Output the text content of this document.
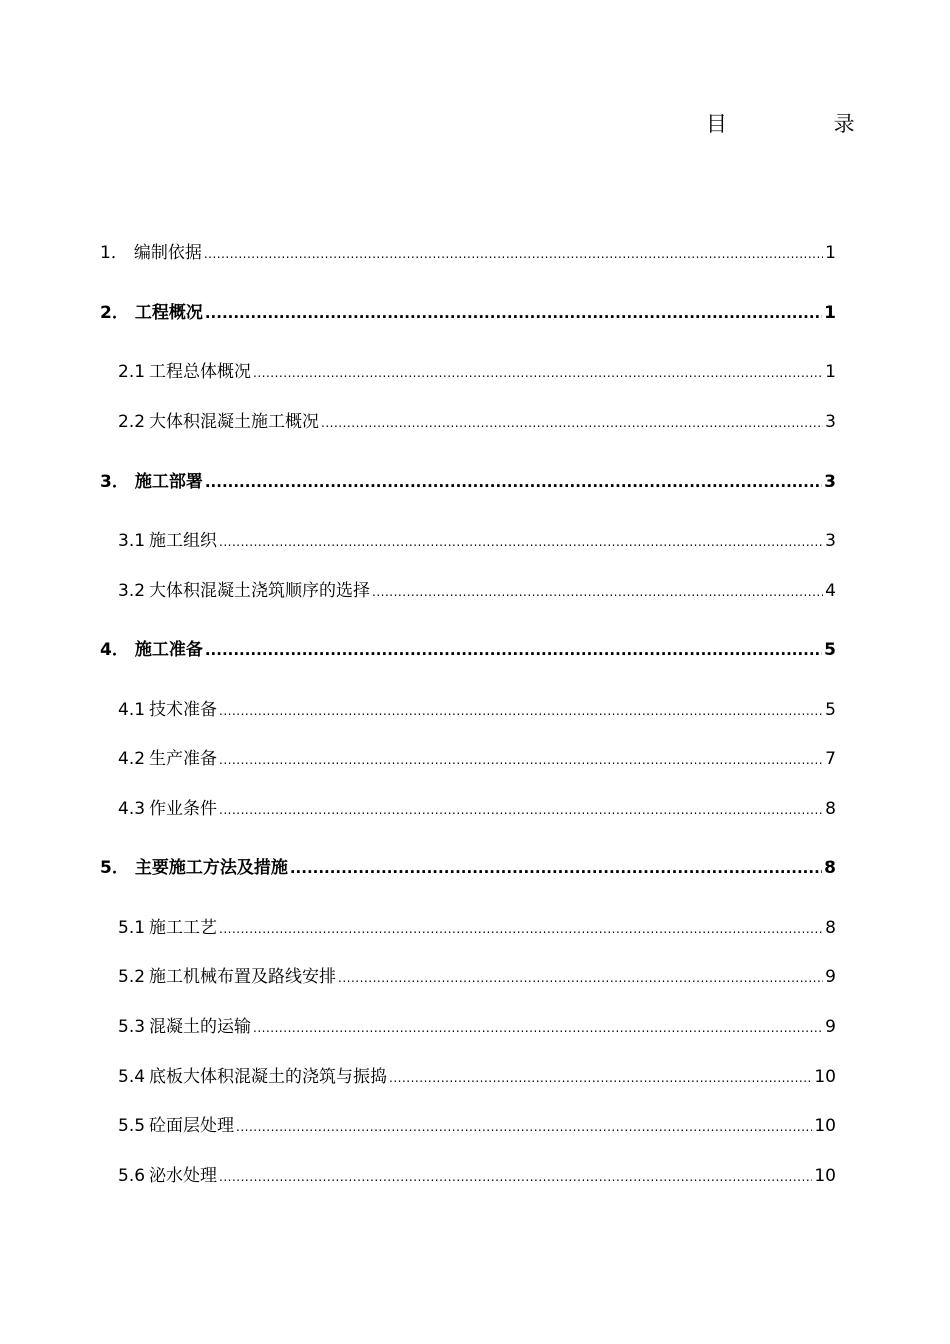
目 录
1． 编制依据 .....	1
2． 工程概况 .....	1
2.1 工程总体概况 .....	1
2.2 大体积混凝土施工概况 .....	3
3． 施工部署 .....	3
3.1 施工组织 .....	3
3.2 大体积混凝土浇筑顺序的选择 .....	4
4． 施工准备 .....	5
4.1 技术准备 .....	5
4.2 生产准备 .....	7
4.3 作业条件 .....	8
5． 主要施工方法及措施 .....	8
5.1 施工工艺 .....	8
5.2 施工机械布置及路线安排 .....	9
5.3 混凝土的运输 .....	9
5.4 底板大体积混凝土的浇筑与振捣 .....	10
5.5 砼面层处理 .....	10
5.6 泌水处理 .....	10
